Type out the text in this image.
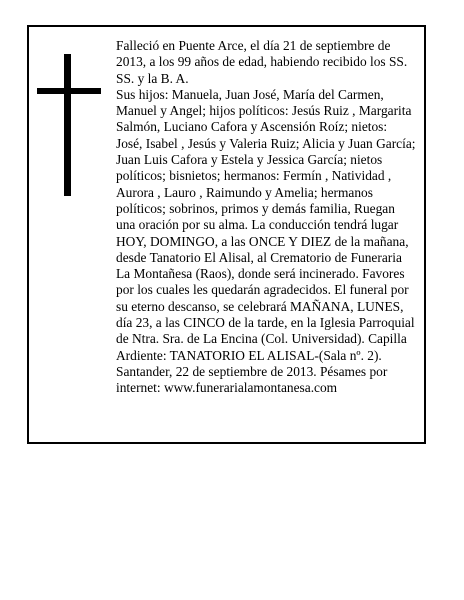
Falleció en Puente Arce, el día 21 de septiembre de 2013, a los 99 años de edad, habiendo recibido los SS. SS. y la B. A.

Sus hijos: Manuela, Juan José, María del Carmen, Manuel y Angel; hijos políticos: Jesús Ruiz , Margarita Salmón, Luciano Cafora y Ascensión Roíz; nietos: José, Isabel , Jesús y Valeria Ruiz; Alicia y Juan García; Juan Luis Cafora y Estela y Jessica García; nietos políticos; bisnietos; hermanos: Fermín , Natividad , Aurora , Lauro , Raimundo y Amelia; hermanos políticos; sobrinos, primos y demás familia, Ruegan una oración por su alma. La conducción tendrá lugar HOY, DOMINGO, a las ONCE Y DIEZ de la mañana, desde Tanatorio El Alisal, al Crematorio de Funeraria La Montañesa (Raos), donde será incinerado. Favores por los cuales les quedarán agradecidos. El funeral por su eterno descanso, se celebrará MAÑANA, LUNES, día 23, a las CINCO de la tarde, en la Iglesia Parroquial de Ntra. Sra. de La Encina (Col. Universidad). Capilla Ardiente: TANATORIO EL ALISAL-(Sala nº. 2).

Santander, 22 de septiembre de 2013. Pésames por internet: www.funerarialamontanesa.com
